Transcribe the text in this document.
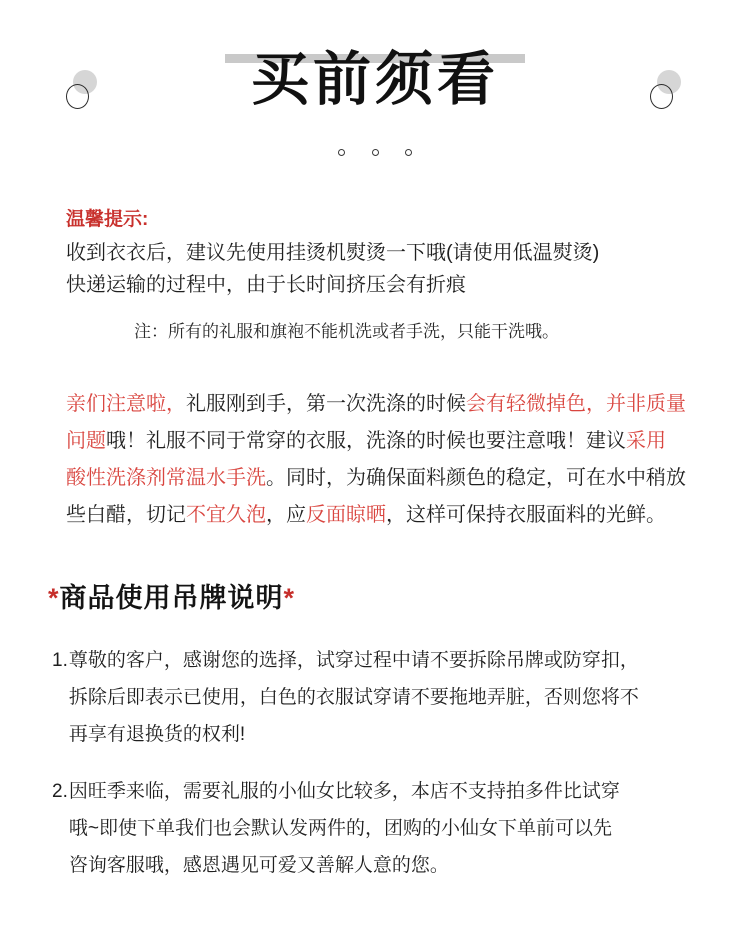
买前须看

温馨提示:
收到衣衣后，建议先使用挂烫机熨烫一下哦(请使用低温熨烫)
快递运输的过程中，由于长时间挤压会有折痕
注：所有的礼服和旗袍不能机洗或者手洗，只能干洗哦。

亲们注意啦，礼服刚到手，第一次洗涤的时候会有轻微掉色，并非质量

问题哦！礼服不同于常穿的衣服，洗涤的时候也要注意哦！建议采用

酸性洗涤剂常温水手洗。同时，为确保面料颜色的稳定，可在水中稍放

些白醋，切记不宜久泡，应反面晾晒，这样可保持衣服面料的光鲜。

*商品使用吊牌说明*
1. 尊敬的客户，感谢您的选择，试穿过程中请不要拆除吊牌或防穿扣，
拆除后即表示已使用，白色的衣服试穿请不要拖地弄脏，否则您将不
再享有退换货的权利!
2. 因旺季来临，需要礼服的小仙女比较多，本店不支持拍多件比试穿
哦~即使下单我们也会默认发两件的，团购的小仙女下单前可以先
咨询客服哦，感恩遇见可爱又善解人意的您。
